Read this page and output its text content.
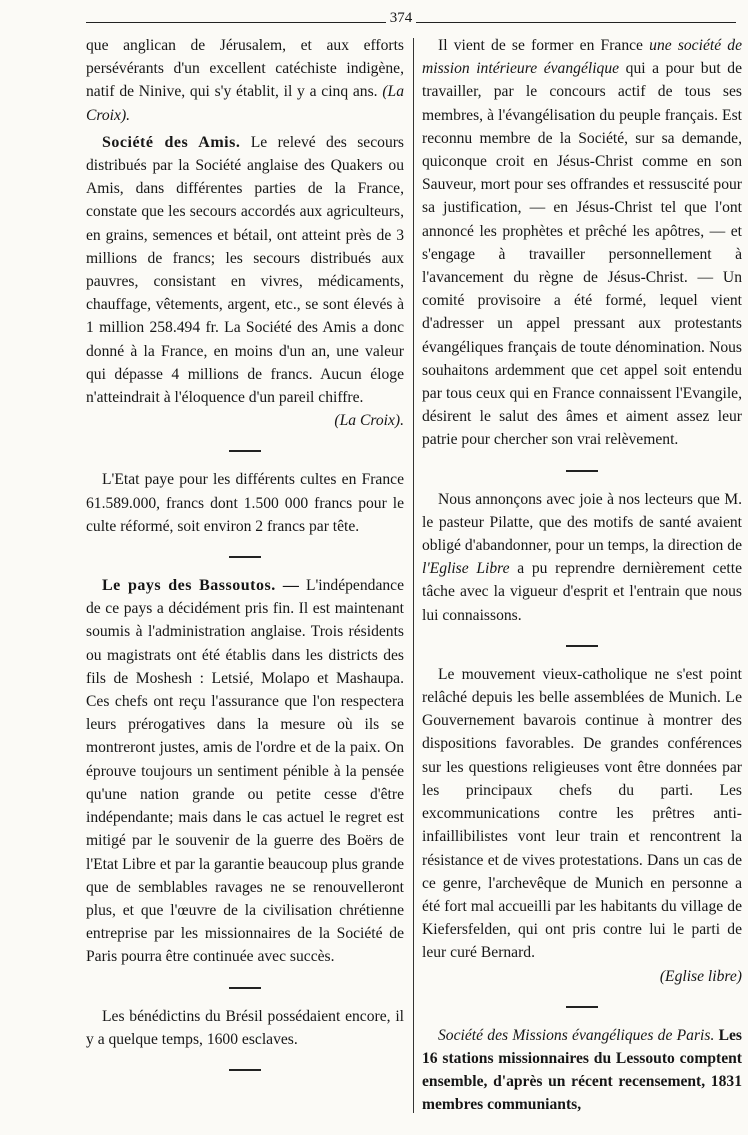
374

que anglican de Jérusalem, et aux efforts persévérants d'un excellent catéchiste indigène, natif de Ninive, qui s'y établit, il y a cinq ans. (La Croix).

Société des Amis. Le relevé des secours distribués par la Société anglaise des Quakers ou Amis, dans différentes parties de la France, constate que les secours accordés aux agriculteurs, en grains, semences et bétail, ont atteint près de 3 millions de francs; les secours distribués aux pauvres, consistant en vivres, médicaments, chauffage, vêtements, argent, etc., se sont élevés à 1 million 258.494 fr. La Société des Amis a donc donné à la France, en moins d'un an, une valeur qui dépasse 4 millions de francs. Aucun éloge n'atteindrait à l'éloquence d'un pareil chiffre.

(La Croix).

L'Etat paye pour les différents cultes en France 61.589.000, francs dont 1.500 000 francs pour le culte réformé, soit environ 2 francs par tête.

Le pays des Bassoutos. — L'indépendance de ce pays a décidément pris fin. Il est maintenant soumis à l'administration anglaise. Trois résidents ou magistrats ont été établis dans les districts des fils de Moshesh : Letsié, Molapo et Mashaupa. Ces chefs ont reçu l'assurance que l'on respectera leurs prérogatives dans la mesure où ils se montreront justes, amis de l'ordre et de la paix. On éprouve toujours un sentiment pénible à la pensée qu'une nation grande ou petite cesse d'être indépendante; mais dans le cas actuel le regret est mitigé par le souvenir de la guerre des Boërs de l'Etat Libre et par la garantie beaucoup plus grande que de semblables ravages ne se renouvelleront plus, et que l'œuvre de la civilisation chrétienne entreprise par les missionnaires de la Société de Paris pourra être continuée avec succès.

Les bénédictins du Brésil possédaient encore, il y a quelque temps, 1600 esclaves.

Il vient de se former en France une société de mission intérieure évangélique qui a pour but de travailler, par le concours actif de tous ses membres, à l'évangélisation du peuple français. Est reconnu membre de la Société, sur sa demande, quiconque croit en Jésus-Christ comme en son Sauveur, mort pour ses offrandes et ressuscité pour sa justification, — en Jésus-Christ tel que l'ont annoncé les prophètes et prêché les apôtres, — et s'engage à travailler personnellement à l'avancement du règne de Jésus-Christ. — Un comité provisoire a été formé, lequel vient d'adresser un appel pressant aux protestants évangéliques français de toute dénomination. Nous souhaitons ardemment que cet appel soit entendu par tous ceux qui en France connaissent l'Evangile, désirent le salut des âmes et aiment assez leur patrie pour chercher son vrai relèvement.

Nous annonçons avec joie à nos lecteurs que M. le pasteur Pilatte, que des motifs de santé avaient obligé d'abandonner, pour un temps, la direction de l'Eglise Libre a pu reprendre dernièrement cette tâche avec la vigueur d'esprit et l'entrain que nous lui connaissons.

Le mouvement vieux-catholique ne s'est point relâché depuis les belle assemblées de Munich. Le Gouvernement bavarois continue à montrer des dispositions favorables. De grandes conférences sur les questions religieuses vont être données par les principaux chefs du parti. Les excommunications contre les prêtres anti-infaillibilistes vont leur train et rencontrent la résistance et de vives protestations. Dans un cas de ce genre, l'archevêque de Munich en personne a été fort mal accueilli par les habitants du village de Kiefersfelden, qui ont pris contre lui le parti de leur curé Bernard.

(Eglise libre)

Société des Missions évangéliques de Paris. Les 16 stations missionnaires du Lessouto comptent ensemble, d'après un récent recensement, 1831 membres communiants,
